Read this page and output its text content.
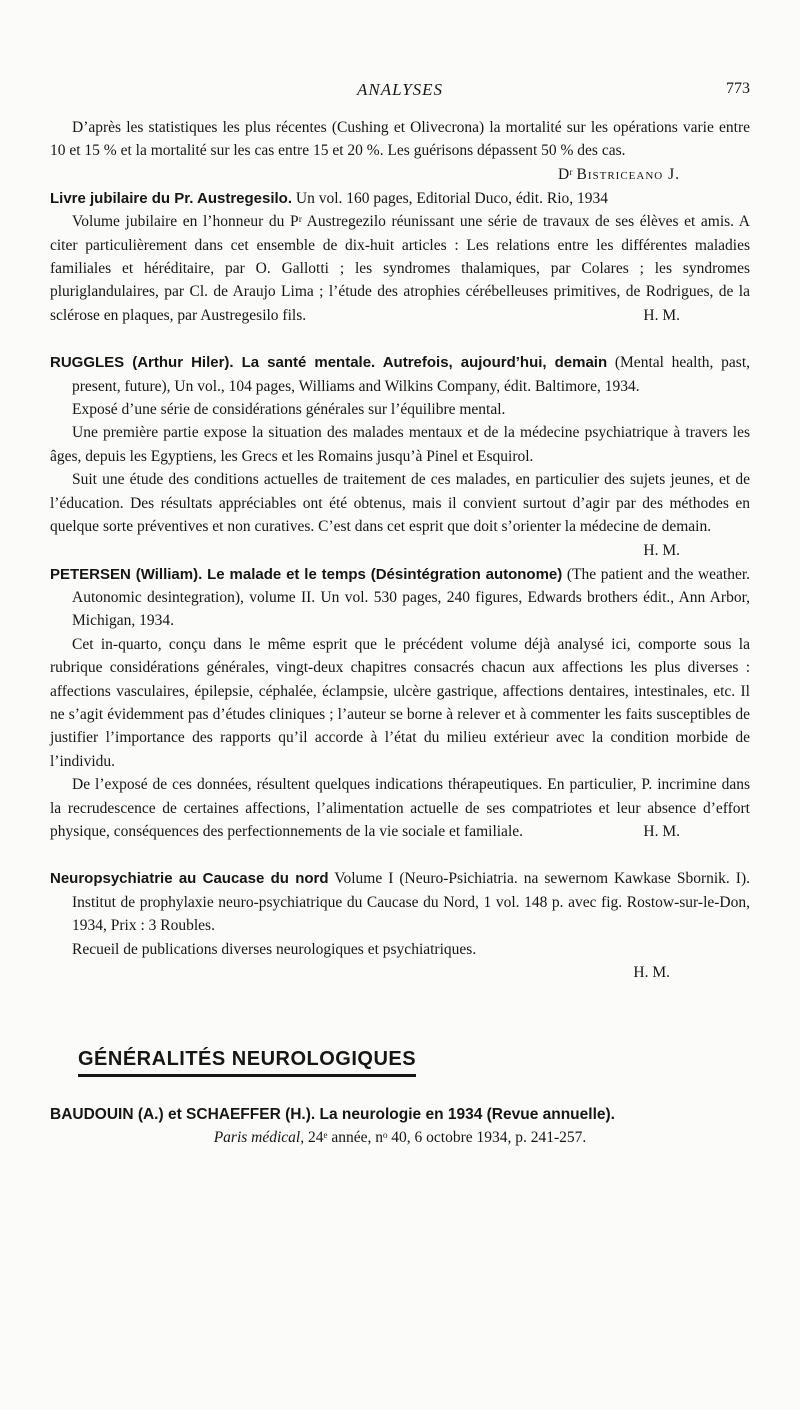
ANALYSES	773

D’après les statistiques les plus récentes (Cushing et Olivecrona) la mortalité sur les opérations varie entre 10 et 15 % et la mortalité sur les cas entre 15 et 20 %. Les guérisons dépassent 50 % des cas.
Dʳ Bistriceano J.

Livre jubilaire du Pr. Austregesilo. Un vol. 160 pages, Editorial Duco, édit. Rio, 1934

Volume jubilaire en l’honneur du Pʳ Austregezilo réunissant une série de travaux de ses élèves et amis. A citer particulièrement dans cet ensemble de dix-huit articles : Les relations entre les différentes maladies familiales et héréditaire, par O. Gallotti ; les syndromes thalamiques, par Colares ; les syndromes pluriglandulaires, par Cl. de Araujo Lima ; l’étude des atrophies cérébelleuses primitives, de Rodrigues, de la sclérose en plaques, par Austregesilo fils.	H. M.

RUGGLES (Arthur Hiler). La santé mentale. Autrefois, aujourd’hui, demain (Mental health, past, present, future), Un vol., 104 pages, Williams and Wilkins Company, édit. Baltimore, 1934.

Exposé d’une série de considérations générales sur l’équilibre mental.

Une première partie expose la situation des malades mentaux et de la médecine psychiatrique à travers les âges, depuis les Egyptiens, les Grecs et les Romains jusqu’à Pinel et Esquirol.

Suit une étude des conditions actuelles de traitement de ces malades, en particulier des sujets jeunes, et de l’éducation. Des résultats appréciables ont été obtenus, mais il convient surtout d’agir par des méthodes en quelque sorte préventives et non curatives. C’est dans cet esprit que doit s’orienter la médecine de demain.
H. M.

PETERSEN (William). Le malade et le temps (Désintégration autonome) (The patient and the weather. Autonomic desintegration), volume II. Un vol. 530 pages, 240 figures, Edwards brothers édit., Ann Arbor, Michigan, 1934.

Cet in-quarto, conçu dans le même esprit que le précédent volume déjà analysé ici, comporte sous la rubrique considérations générales, vingt-deux chapitres consacrés chacun aux affections les plus diverses : affections vasculaires, épilepsie, céphalée, éclampsie, ulcère gastrique, affections dentaires, intestinales, etc. Il ne s’agit évidemment pas d’études cliniques ; l’auteur se borne à relever et à commenter les faits susceptibles de justifier l’importance des rapports qu’il accorde à l’état du milieu extérieur avec la condition morbide de l’individu.

De l’exposé de ces données, résultent quelques indications thérapeutiques. En particulier, P. incrimine dans la recrudescence de certaines affections, l’alimentation actuelle de ses compatriotes et leur absence d’effort physique, conséquences des perfectionnements de la vie sociale et familiale.	H. M.

Neuropsychiatrie au Caucase du nord Volume I (Neuro-Psichiatria. na sewernom Kawkase Sbornik. I). Institut de prophylaxie neuro-psychiatrique du Caucase du Nord, 1 vol. 148 p. avec fig. Rostow-sur-le-Don, 1934, Prix : 3 Roubles.

Recueil de publications diverses neurologiques et psychiatriques.

H. M.

GÉNÉRALITÉS NEUROLOGIQUES

BAUDOUIN (A.) et SCHAEFFER (H.). La neurologie en 1934 (Revue annuelle).

Paris médical, 24ᵉ année, nᵒ 40, 6 octobre 1934, p. 241-257.
